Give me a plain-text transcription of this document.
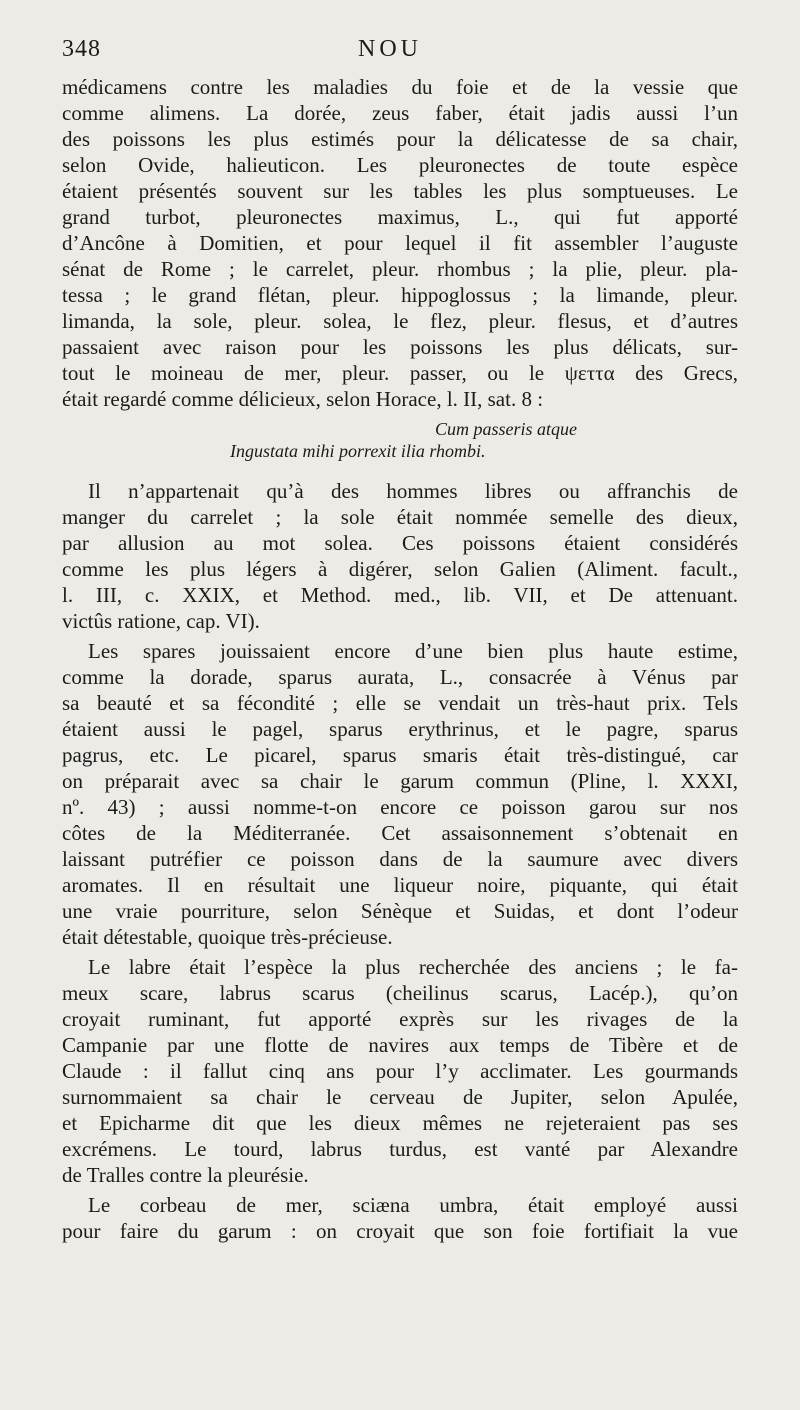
348	NOU
médicamens contre les maladies du foie et de la vessie que
comme alimens. La dorée, zeus faber, était jadis aussi l’un
des poissons les plus estimés pour la délicatesse de sa chair,
selon Ovide, halieuticon. Les pleuronectes de toute espèce
étaient présentés souvent sur les tables les plus somptueuses. Le
grand turbot, pleuronectes maximus, L., qui fut apporté
d’Ancône à Domitien, et pour lequel il fit assembler l’auguste
sénat de Rome ; le carrelet, pleur. rhombus ; la plie, pleur. pla-
tessa ; le grand flétan, pleur. hippoglossus ; la limande, pleur.
limanda, la sole, pleur. solea, le flez, pleur. flesus, et d’autres
passaient avec raison pour les poissons les plus délicats, sur-
tout le moineau de mer, pleur. passer, ou le ψεττα des Grecs,
était regardé comme délicieux, selon Horace, l. II, sat. 8 :
Cum passeris atque
Ingustata mihi porrexit ilia rhombi.
Il n’appartenait qu’à des hommes libres ou affranchis de
manger du carrelet ; la sole était nommée semelle des dieux,
par allusion au mot solea. Ces poissons étaient considérés
comme les plus légers à digérer, selon Galien (Aliment. facult.,
l. III, c. XXIX, et Method. med., lib. VII, et De attenuant.
victûs ratione, cap. VI).
Les spares jouissaient encore d’une bien plus haute estime,
comme la dorade, sparus aurata, L., consacrée à Vénus par
sa beauté et sa fécondité ; elle se vendait un très-haut prix. Tels
étaient aussi le pagel, sparus erythrinus, et le pagre, sparus
pagrus, etc. Le picarel, sparus smaris était très-distingué, car
on préparait avec sa chair le garum commun (Pline, l. XXXI,
nº. 43) ; aussi nomme-t-on encore ce poisson garou sur nos
côtes de la Méditerranée. Cet assaisonnement s’obtenait en
laissant putréfier ce poisson dans de la saumure avec divers
aromates. Il en résultait une liqueur noire, piquante, qui était
une vraie pourriture, selon Sénèque et Suidas, et dont l’odeur
était détestable, quoique très-précieuse.
Le labre était l’espèce la plus recherchée des anciens ; le fa-
meux scare, labrus scarus (cheilinus scarus, Lacép.), qu’on
croyait ruminant, fut apporté exprès sur les rivages de la
Campanie par une flotte de navires aux temps de Tibère et de
Claude : il fallut cinq ans pour l’y acclimater. Les gourmands
surnommaient sa chair le cerveau de Jupiter, selon Apulée,
et Epicharme dit que les dieux mêmes ne rejeteraient pas ses
excrémens. Le tourd, labrus turdus, est vanté par Alexandre
de Tralles contre la pleurésie.
Le corbeau de mer, sciæna umbra, était employé aussi
pour faire du garum : on croyait que son foie fortifiait la vue
